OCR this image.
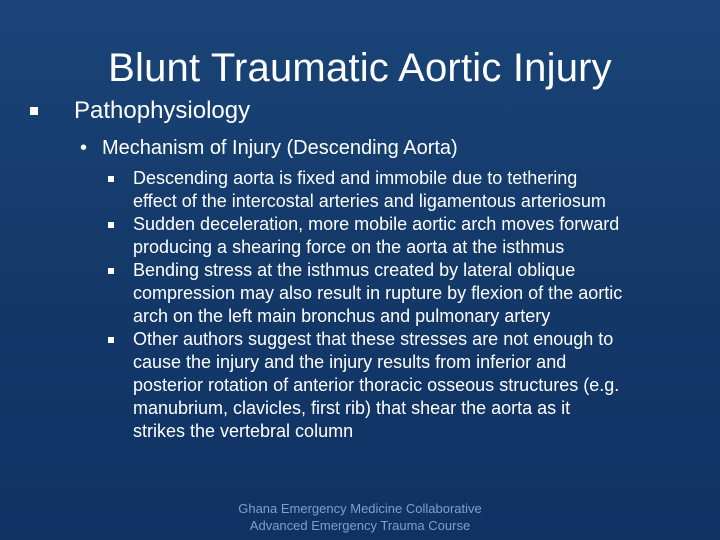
Blunt Traumatic Aortic Injury
Pathophysiology
• Mechanism of Injury (Descending Aorta)
Descending aorta is fixed and immobile due to tethering
effect of the intercostal arteries and ligamentous arteriosum
Sudden deceleration, more mobile aortic arch moves forward
producing a shearing force on the aorta at the isthmus
Bending stress at the isthmus created by lateral oblique
compression may also result in rupture by flexion of the aortic
arch on the left main bronchus and pulmonary artery
Other authors suggest that these stresses are not enough to
cause the injury and the injury results from inferior and
posterior rotation of anterior thoracic osseous structures (e.g.
manubrium, clavicles, first rib) that shear the aorta as it
strikes the vertebral column
Ghana Emergency Medicine Collaborative
Advanced Emergency Trauma Course
